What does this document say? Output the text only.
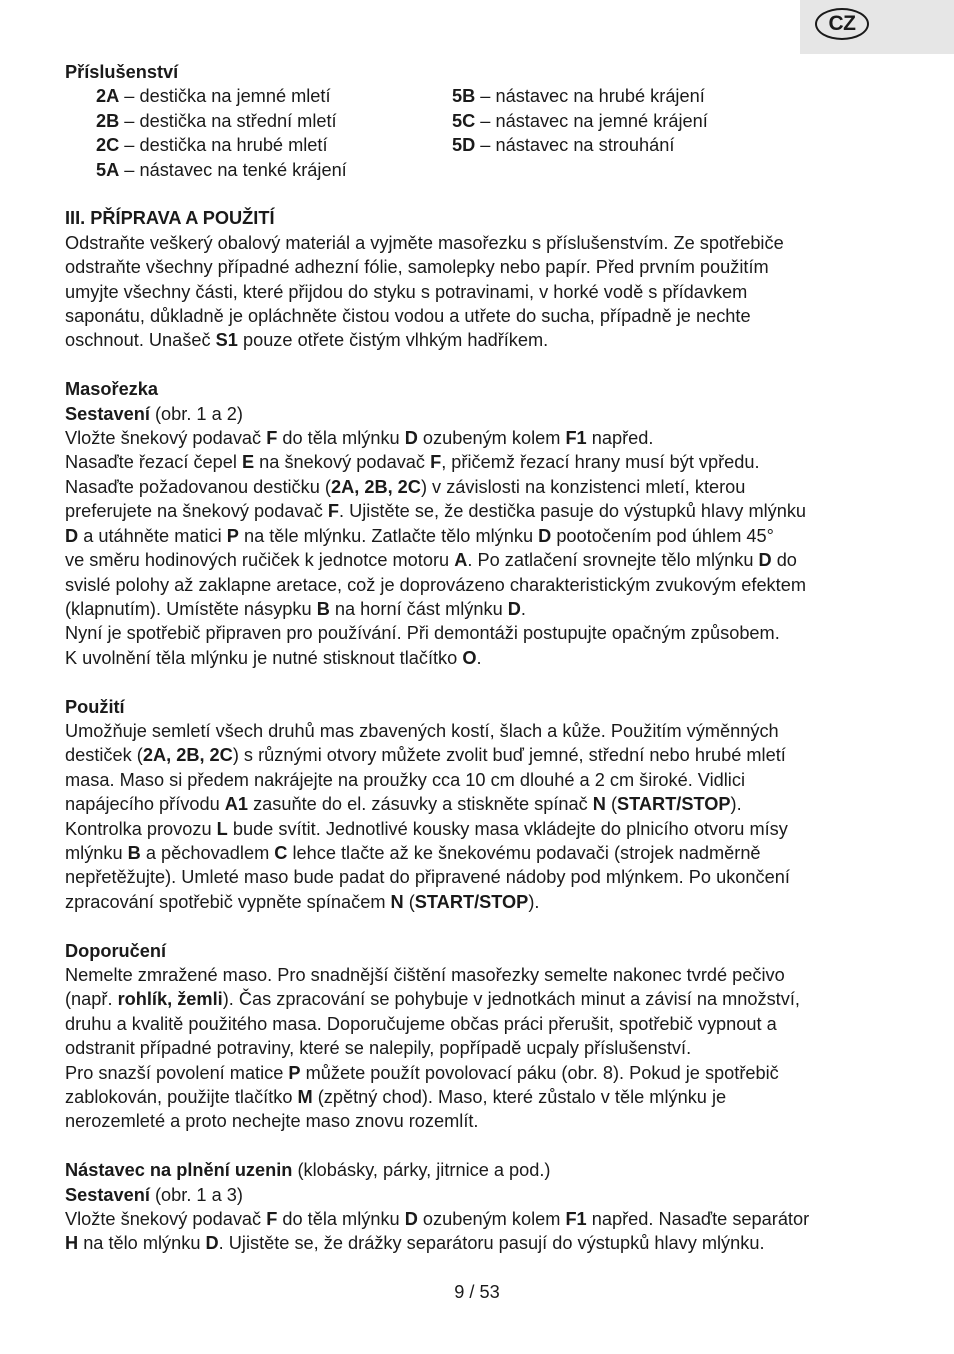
CZ

Příslušenství

2A – destička na jemné mletí

2B – destička na střední mletí

2C – destička na hrubé mletí

5A – nástavec na tenké krájení

5B – nástavec na hrubé krájení

5C – nástavec na jemné krájení

5D – nástavec na strouhání

III. PŘÍPRAVA A POUŽITÍ

Odstraňte veškerý obalový materiál a vyjměte masořezku s příslušenstvím. Ze spotřebiče

odstraňte všechny případné adhezní fólie, samolepky nebo papír. Před prvním použitím

umyjte všechny části, které přijdou do styku s potravinami, v horké vodě s přídavkem

saponátu, důkladně je opláchněte čistou vodou a utřete do sucha, případně je nechte

oschnout. Unašeč S1 pouze otřete čistým vlhkým hadříkem.

Masořezka

Sestavení (obr. 1 a 2)

Vložte šnekový podavač F do těla mlýnku D ozubeným kolem F1 napřed.

Nasaďte řezací čepel E na šnekový podavač F, přičemž řezací hrany musí být vpředu.

Nasaďte požadovanou destičku (2A, 2B, 2C) v závislosti na konzistenci mletí, kterou

preferujete na šnekový podavač F. Ujistěte se, že destička pasuje do výstupků hlavy mlýnku

D a utáhněte matici P na těle mlýnku. Zatlačte tělo mlýnku D pootočením pod úhlem 45°

ve směru hodinových ručiček k jednotce motoru A. Po zatlačení srovnejte tělo mlýnku D do

svislé polohy až zaklapne aretace, což je doprovázeno charakteristickým zvukovým efektem

(klapnutím). Umístěte násypku B na horní část mlýnku D.

Nyní je spotřebič připraven pro používání. Při demontáži postupujte opačným způsobem.

K uvolnění těla mlýnku je nutné stisknout tlačítko O.

Použití

Umožňuje semletí všech druhů mas zbavených kostí, šlach a kůže. Použitím výměnných

destiček (2A, 2B, 2C) s různými otvory můžete zvolit buď jemné, střední nebo hrubé mletí

masa. Maso si předem nakrájejte na proužky cca 10 cm dlouhé a 2 cm široké. Vidlici

napájecího přívodu A1 zasuňte do el. zásuvky a stiskněte spínač N (START/STOP).

Kontrolka provozu L bude svítit. Jednotlivé kousky masa vkládejte do plnicího otvoru mísy

mlýnku B a pěchovadlem C lehce tlačte až ke šnekovému podavači (strojek nadměrně

nepřetěžujte). Umleté maso bude padat do připravené nádoby pod mlýnkem. Po ukončení

zpracování spotřebič vypněte spínačem N (START/STOP).

Doporučení

Nemelte zmražené maso. Pro snadnější čištění masořezky semelte nakonec tvrdé pečivo

(např. rohlík, žemli). Čas zpracování se pohybuje v jednotkách minut a závisí na množství,

druhu a kvalitě použitého masa. Doporučujeme občas práci přerušit, spotřebič vypnout a

odstranit případné potraviny, které se nalepily, popřípadě ucpaly příslušenství.

Pro snazší povolení matice P můžete použít povolovací páku (obr. 8). Pokud je spotřebič

zablokován, použijte tlačítko M (zpětný chod). Maso, které zůstalo v těle mlýnku je

nerozemleté a proto nechejte maso znovu rozemlít.

Nástavec na plnění uzenin (klobásky, párky, jitrnice a pod.)

Sestavení (obr. 1 a 3)

Vložte šnekový podavač F do těla mlýnku D ozubeným kolem F1 napřed. Nasaďte separátor

H na tělo mlýnku D. Ujistěte se, že drážky separátoru pasují do výstupků hlavy mlýnku.

9 / 53
